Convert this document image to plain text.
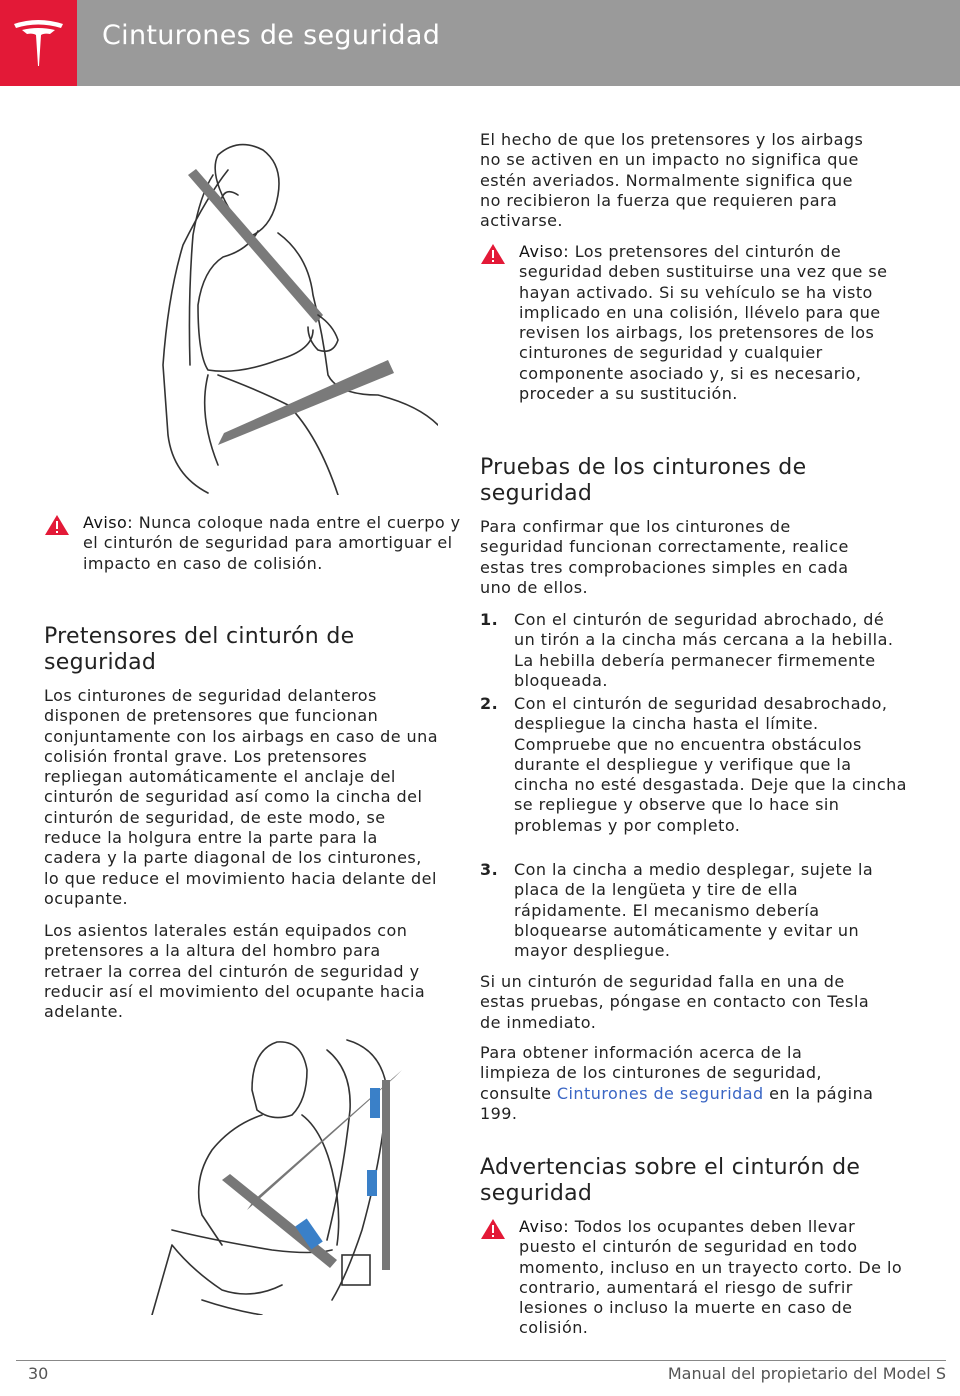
Cinturones de seguridad
Aviso: Nunca coloque nada entre el cuerpo y el cinturón de seguridad para amortiguar el impacto en caso de colisión.
Pretensores del cinturón de seguridad

Los cinturones de seguridad delanteros disponen de pretensores que funcionan conjuntamente con los airbags en caso de una colisión frontal grave. Los pretensores repliegan automáticamente el anclaje del cinturón de seguridad así como la cincha del cinturón de seguridad, de este modo, se reduce la holgura entre la parte para la cadera y la parte diagonal de los cinturones, lo que reduce el movimiento hacia delante del ocupante.

Los asientos laterales están equipados con pretensores a la altura del hombro para retraer la correa del cinturón de seguridad y reducir así el movimiento del ocupante hacia adelante.

El hecho de que los pretensores y los airbags no se activen en un impacto no significa que estén averiados. Normalmente significa que no recibieron la fuerza que requieren para activarse.

Aviso: Los pretensores del cinturón de seguridad deben sustituirse una vez que se hayan activado. Si su vehículo se ha visto implicado en una colisión, llévelo para que revisen los airbags, los pretensores de los cinturones de seguridad y cualquier componente asociado y, si es necesario, proceder a su sustitución.
Pruebas de los cinturones de seguridad

Para confirmar que los cinturones de seguridad funcionan correctamente, realice estas tres comprobaciones simples en cada uno de ellos.

1. Con el cinturón de seguridad abrochado, dé un tirón a la cincha más cercana a la hebilla. La hebilla debería permanecer firmemente bloqueada.
2. Con el cinturón de seguridad desabrochado, despliegue la cincha hasta el límite. Compruebe que no encuentra obstáculos durante el despliegue y verifique que la cincha no esté desgastada. Deje que la cincha se repliegue y observe que lo hace sin problemas y por completo.
3. Con la cincha a medio desplegar, sujete la placa de la lengüeta y tire de ella rápidamente. El mecanismo debería bloquearse automáticamente y evitar un mayor despliegue.

Si un cinturón de seguridad falla en una de estas pruebas, póngase en contacto con Tesla de inmediato.

Para obtener información acerca de la limpieza de los cinturones de seguridad, consulte Cinturones de seguridad en la página 199.

Advertencias sobre el cinturón de seguridad
Aviso: Todos los ocupantes deben llevar puesto el cinturón de seguridad en todo momento, incluso en un trayecto corto. De lo contrario, aumentará el riesgo de sufrir lesiones o incluso la muerte en caso de colisión.
30	Manual del propietario del Model S
